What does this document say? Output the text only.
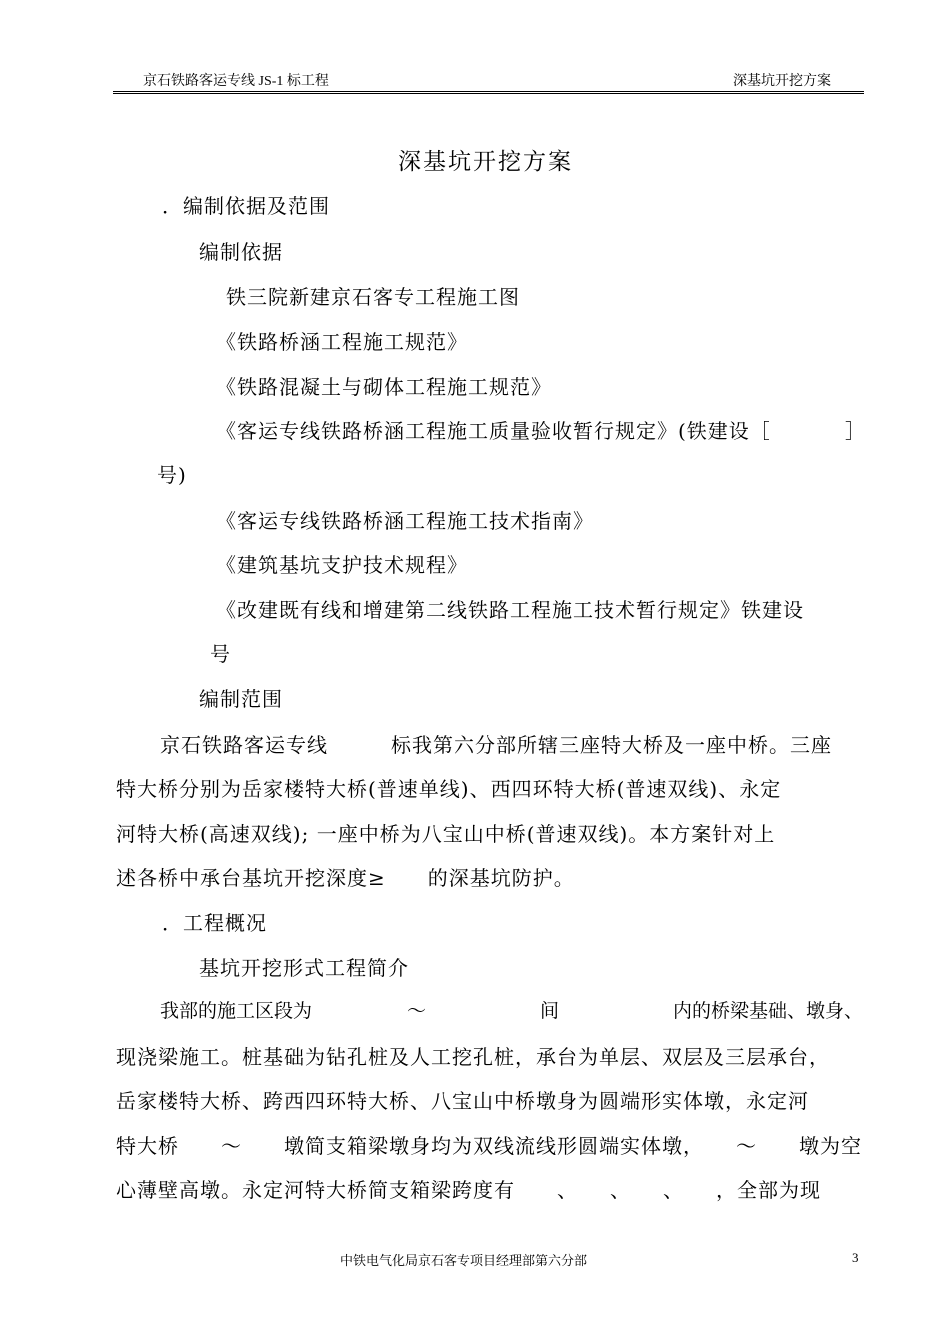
京石铁路客运专线 JS-1 标工程	深基坑开挖方案
深基坑开挖方案
．编制依据及范围
编制依据
铁三院新建京石客专工程施工图
《铁路桥涵工程施工规范》
《铁路混凝土与砌体工程施工规范》
《客运专线铁路桥涵工程施工质量验收暂行规定》(铁建设［	］
号)
《客运专线铁路桥涵工程施工技术指南》
《建筑基坑支护技术规程》
《改建既有线和增建第二线铁路工程施工技术暂行规定》铁建设
号
编制范围
京石铁路客运专线　　　标我第六分部所辖三座特大桥及一座中桥。三座
特大桥分别为岳家楼特大桥(普速单线)、西四环特大桥(普速双线)、永定
河特大桥(高速双线); 一座中桥为八宝山中桥(普速双线)。本方案针对上
述各桥中承台基坑开挖深度≥　　的深基坑防护。
．工程概况
基坑开挖形式工程简介
我部的施工区段为　　　　　～　　　　　　间　　　　　　内的桥梁基础、墩身、
现浇梁施工。桩基础为钻孔桩及人工挖孔桩，承台为单层、双层及三层承台，
岳家楼特大桥、跨西四环特大桥、八宝山中桥墩身为圆端形实体墩，永定河
特大桥　　～　　墩简支箱梁墩身均为双线流线形圆端实体墩，　　～　　墩为空
心薄壁高墩。永定河特大桥简支箱梁跨度有　　、　　、　　、　　，全部为现
中铁电气化局京石客专项目经理部第六分部	3
